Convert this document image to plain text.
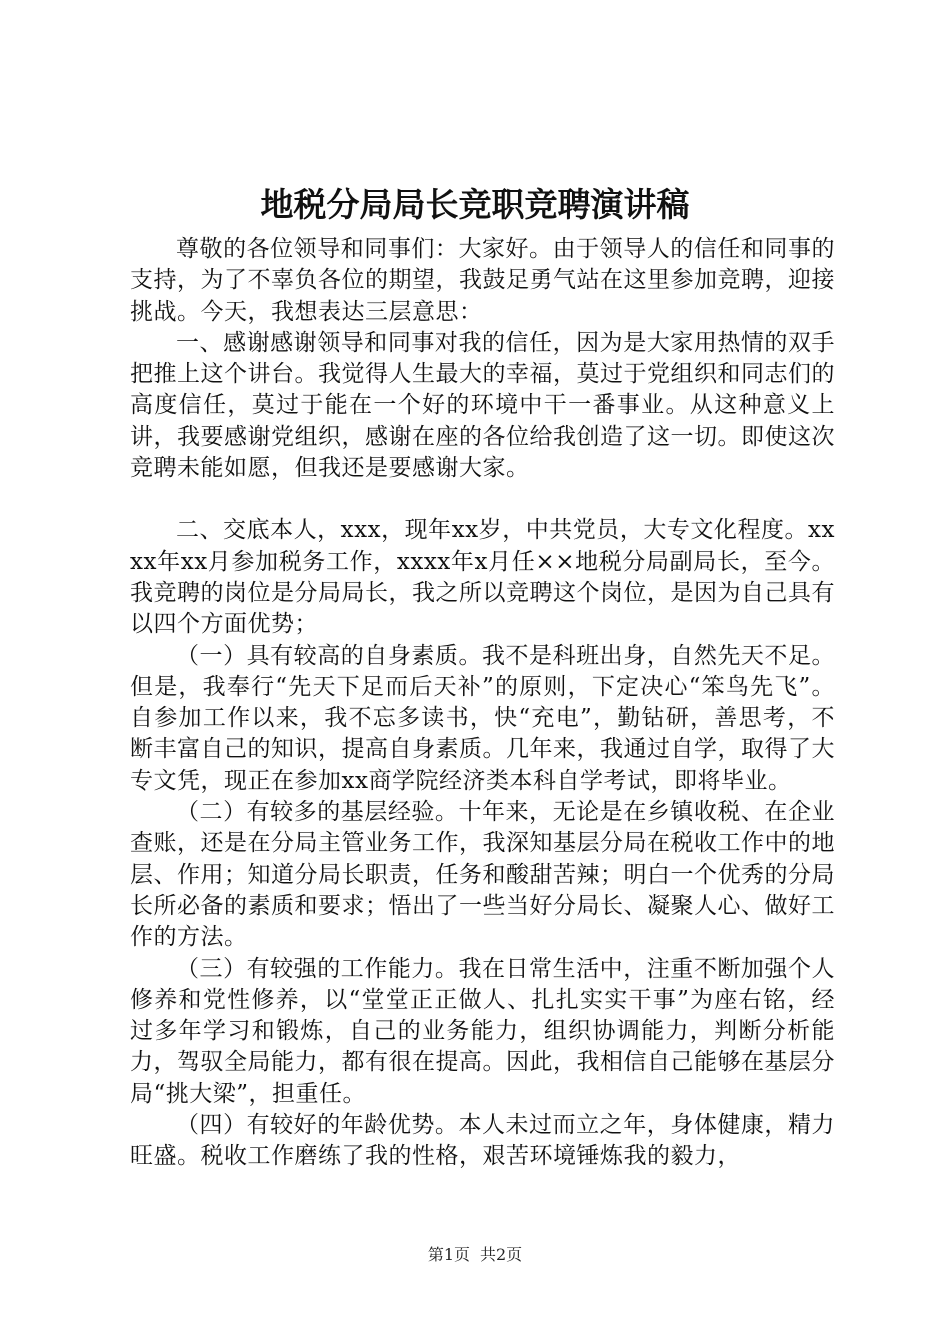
地税分局局长竞职竞聘演讲稿

尊敬的各位领导和同事们：大家好。由于领导人的信任和同事的支持，为了不辜负各位的期望，我鼓足勇气站在这里参加竞聘，迎接挑战。今天，我想表达三层意思：

一、感谢感谢领导和同事对我的信任，因为是大家用热情的双手把推上这个讲台。我觉得人生最大的幸福，莫过于党组织和同志们的高度信任，莫过于能在一个好的环境中干一番事业。从这种意义上讲，我要感谢党组织，感谢在座的各位给我创造了这一切。即使这次竞聘未能如愿，但我还是要感谢大家。

二、交底本人，xxx，现年xx岁，中共党员，大专文化程度。xxxx年xx月参加税务工作，xxxx年x月任××地税分局副局长，至今。我竞聘的岗位是分局局长，我之所以竞聘这个岗位，是因为自己具有以四个方面优势；

（一）具有较高的自身素质。我不是科班出身，自然先天不足。但是，我奉行“先天下足而后天补”的原则，下定决心“笨鸟先飞”。自参加工作以来，我不忘多读书，快“充电”，勤钻研，善思考，不断丰富自己的知识，提高自身素质。几年来，我通过自学，取得了大专文凭，现正在参加xx商学院经济类本科自学考试，即将毕业。

（二）有较多的基层经验。十年来，无论是在乡镇收税、在企业查账，还是在分局主管业务工作，我深知基层分局在税收工作中的地层、作用；知道分局长职责，任务和酸甜苦辣；明白一个优秀的分局长所必备的素质和要求；悟出了一些当好分局长、凝聚人心、做好工作的方法。

（三）有较强的工作能力。我在日常生活中，注重不断加强个人修养和党性修养，以“堂堂正正做人、扎扎实实干事”为座右铭，经过多年学习和锻炼，自己的业务能力，组织协调能力，判断分析能力，驾驭全局能力，都有很在提高。因此，我相信自己能够在基层分局“挑大梁”，担重任。

（四）有较好的年龄优势。本人未过而立之年，身体健康，精力旺盛。税收工作磨练了我的性格，艰苦环境锤炼我的毅力，

第1页 共2页
